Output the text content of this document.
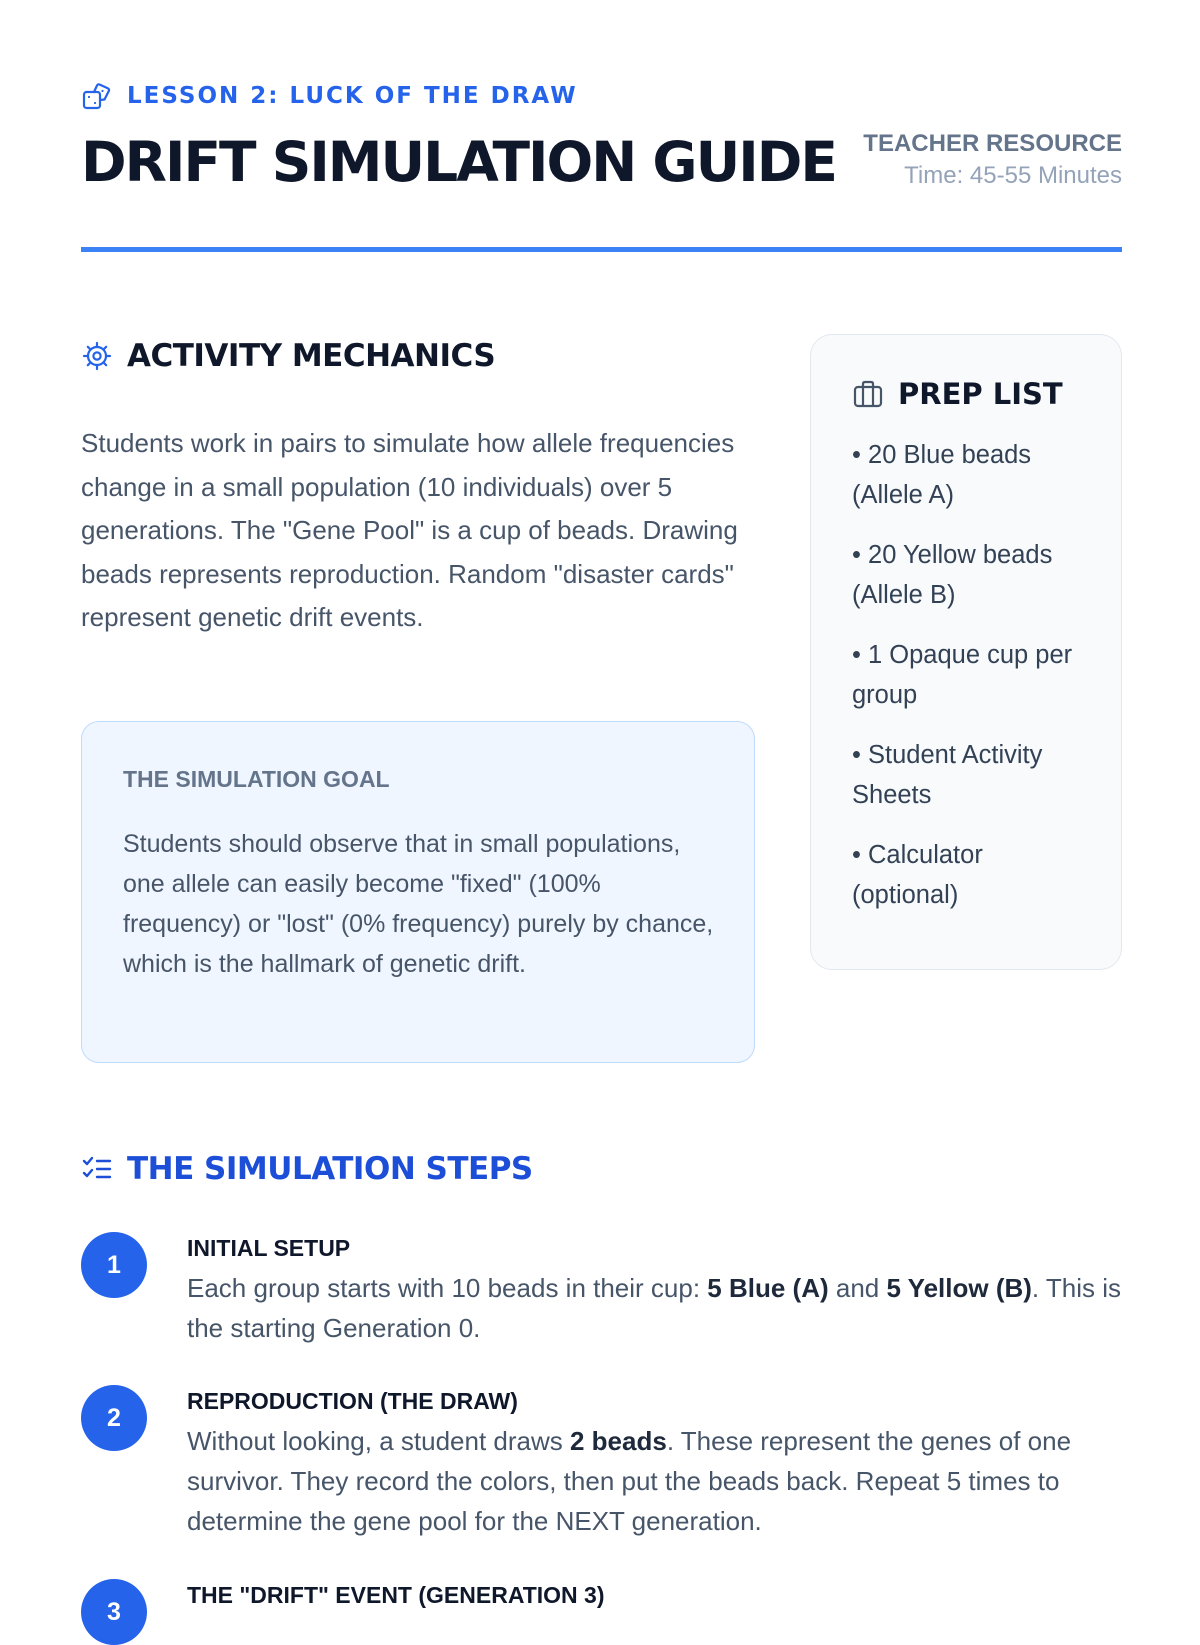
LESSON 2: LUCK OF THE DRAW
DRIFT SIMULATION GUIDE TEACHER RESOURCE
Time: 45-55 Minutes
ACTIVITY MECHANICS

Students work in pairs to simulate how allele frequencies change in a small population (10 individuals) over 5 generations. The "Gene Pool" is a cup of beads. Drawing beads represents reproduction. Random "disaster cards" represent genetic drift events.

THE SIMULATION GOAL
Students should observe that in small populations, one allele can easily become "fixed" (100% frequency) or "lost" (0% frequency) purely by chance, which is the hallmark of genetic drift.
PREP LIST
• 20 Blue beads (Allele A)
• 20 Yellow beads (Allele B)
• 1 Opaque cup per group
• Student Activity Sheets
• Calculator (optional)
THE SIMULATION STEPS
1
INITIAL SETUP
Each group starts with 10 beads in their cup: 5 Blue (A) and 5 Yellow (B). This is the starting Generation 0.
2
REPRODUCTION (THE DRAW)
Without looking, a student draws 2 beads. These represent the genes of one survivor. They record the colors, then put the beads back. Repeat 5 times to determine the gene pool for the NEXT generation.
3
THE "DRIFT" EVENT (GENERATION 3)
